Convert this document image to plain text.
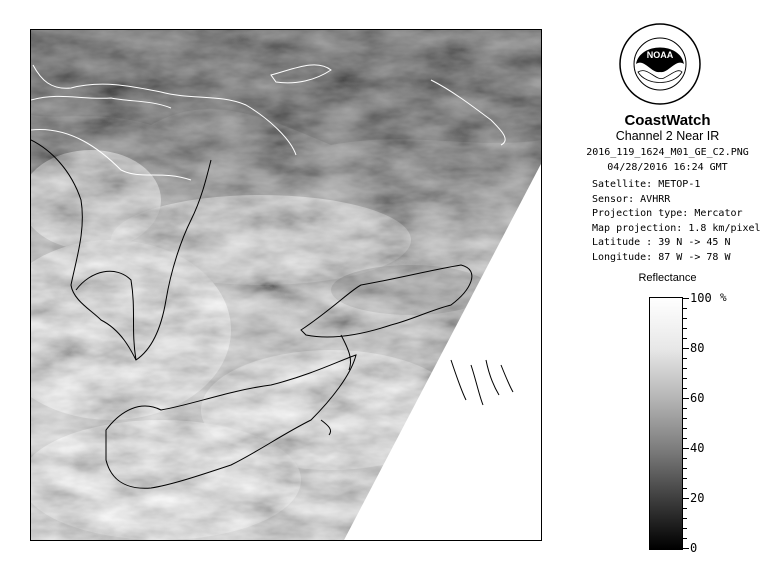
NOAA
CoastWatch
Channel 2 Near IR
2016_119_1624_M01_GE_C2.PNG
04/28/2016 16:24 GMT
Satellite: METOP-1
Sensor: AVHRR
Projection type: Mercator
Map projection: 1.8 km/pixel
Latitude : 39 N -> 45 N
Longitude: 87 W -> 78 W
Reflectance
%
100
80
60
40
20
0
